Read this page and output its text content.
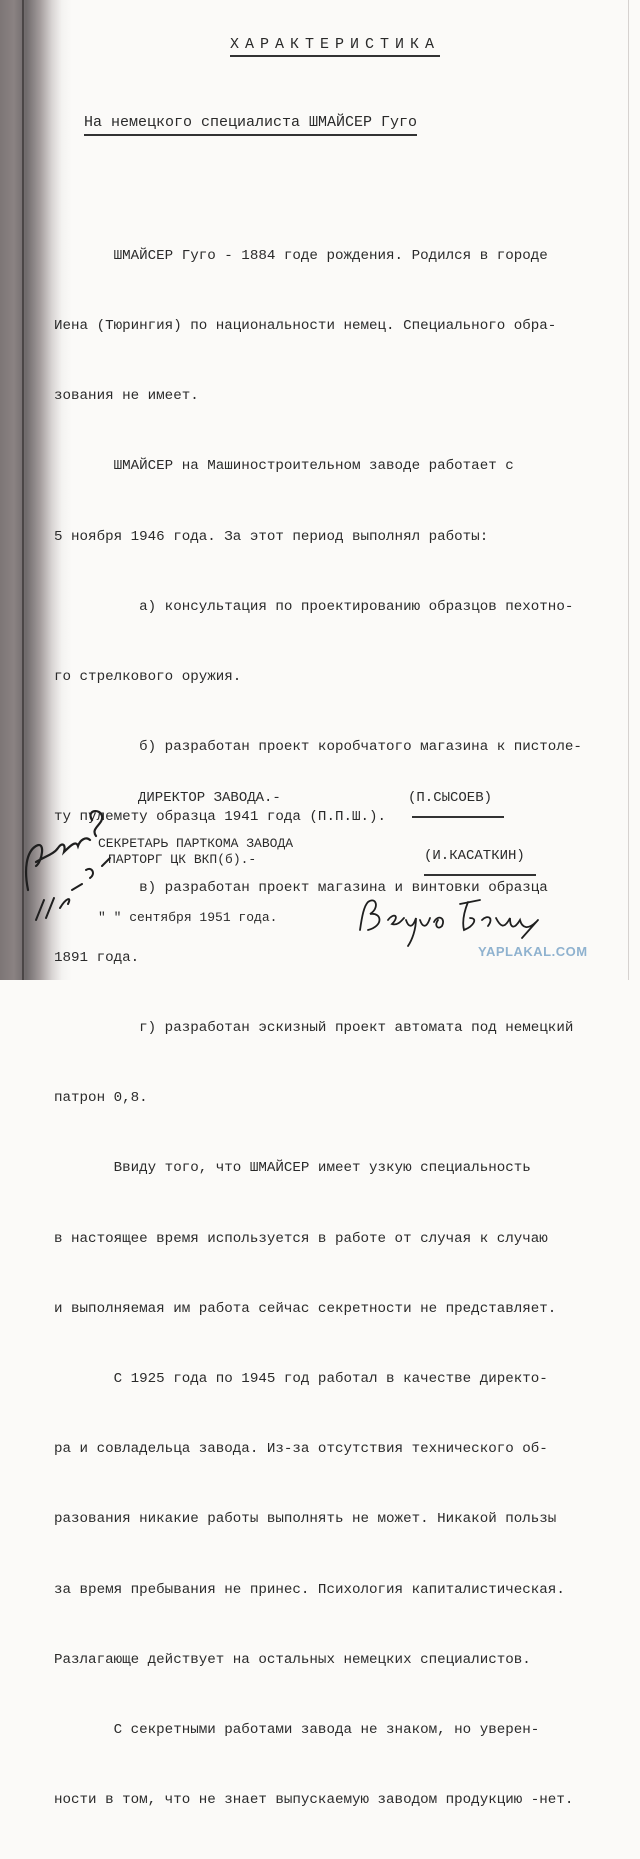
ХАРАКТЕРИСТИКА
На немецкого специалиста ШМАЙСЕР Гуго

ШМАЙСЕР Гуго - 1884 годе рождения. Родился в городе

Иена (Тюрингия) по национальности немец. Специального обра-

зования не имеет.

ШМАЙСЕР на Машиностроительном заводе работает с

5 ноября 1946 года. За этот период выполнял работы:

а) консультация по проектированию образцов пехотно-

го стрелкового оружия.

б) разработан проект коробчатого магазина к пистоле-

ту пулемету образца 1941 года (П.П.Ш.).

в) разработан проект магазина и винтовки образца

1891 года.

г) разработан эскизный проект автомата под немецкий

патрон 0,8.

Ввиду того, что ШМАЙСЕР имеет узкую специальность

в настоящее время используется в работе от случая к случаю

и выполняемая им работа сейчас секретности не представляет.

С 1925 года по 1945 год работал в качестве директо-

ра и совладельца завода. Из-за отсутствия технического об-

разования никакие работы выполнять не может. Никакой пользы

за время пребывания не принес. Психология капиталистическая.

Разлагающе действует на остальных немецких специалистов.

С секретными работами завода не знаком, но уверен-

ности в том, что не знает выпускаемую заводом продукцию -нет.

ДИРЕКТОР ЗАВОДА.-	(П.СЫСОЕВ)
СЕКРЕТАРЬ ПАРТКОМА ЗАВОДА
ПАРТОРГ ЦК ВКП(б).-	(И.КАСАТКИН)
" " сентября 1951 года.
YAPLAKAL.COM
